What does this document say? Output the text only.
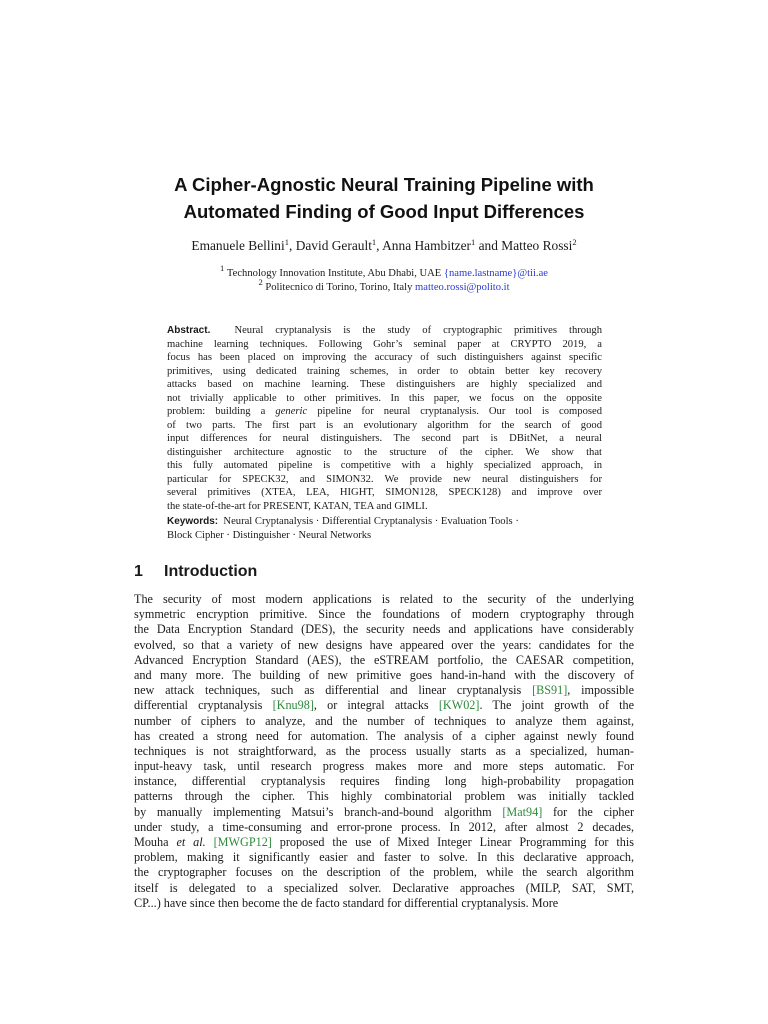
A Cipher-Agnostic Neural Training Pipeline with
Automated Finding of Good Input Differences
Emanuele Bellini$^1$, David Gerault$^1$, Anna Hambitzer$^1$ and Matteo Rossi$^2$
$^1$ Technology Innovation Institute, Abu Dhabi, UAE {name.lastname}@tii.ae
$^2$ Politecnico di Torino, Torino, Italy matteo.rossi@polito.it
Abstract. Neural cryptanalysis is the study of cryptographic primitives through
machine learning techniques. Following Gohr’s seminal paper at CRYPTO 2019, a
focus has been placed on improving the accuracy of such distinguishers against specific
primitives, using dedicated training schemes, in order to obtain better key recovery
attacks based on machine learning. These distinguishers are highly specialized and
not trivially applicable to other primitives. In this paper, we focus on the opposite
problem: building a generic pipeline for neural cryptanalysis. Our tool is composed
of two parts. The first part is an evolutionary algorithm for the search of good
input differences for neural distinguishers. The second part is DBitNet, a neural
distinguisher architecture agnostic to the structure of the cipher. We show that
this fully automated pipeline is competitive with a highly specialized approach, in
particular for SPECK32, and SIMON32. We provide new neural distinguishers for
several primitives (XTEA, LEA, HIGHT, SIMON128, SPECK128) and improve over
the state-of-the-art for PRESENT, KATAN, TEA and GIMLI.
Keywords: Neural Cryptanalysis · Differential Cryptanalysis · Evaluation Tools ·
Block Cipher · Distinguisher · Neural Networks
1 Introduction
The security of most modern applications is related to the security of the underlying
symmetric encryption primitive. Since the foundations of modern cryptography through
the Data Encryption Standard (DES), the security needs and applications have considerably
evolved, so that a variety of new designs have appeared over the years: candidates for the
Advanced Encryption Standard (AES), the eSTREAM portfolio, the CAESAR competition,
and many more. The building of new primitive goes hand-in-hand with the discovery of
new attack techniques, such as differential and linear cryptanalysis [BS91], impossible
differential cryptanalysis [Knu98], or integral attacks [KW02]. The joint growth of the
number of ciphers to analyze, and the number of techniques to analyze them against,
has created a strong need for automation. The analysis of a cipher against newly found
techniques is not straightforward, as the process usually starts as a specialized, human-
input-heavy task, until research progress makes more and more steps automatic. For
instance, differential cryptanalysis requires finding long high-probability propagation
patterns through the cipher. This highly combinatorial problem was initially tackled
by manually implementing Matsui’s branch-and-bound algorithm [Mat94] for the cipher
under study, a time-consuming and error-prone process. In 2012, after almost 2 decades,
Mouha et al. [MWGP12] proposed the use of Mixed Integer Linear Programming for this
problem, making it significantly easier and faster to solve. In this declarative approach,
the cryptographer focuses on the description of the problem, while the search algorithm
itself is delegated to a specialized solver. Declarative approaches (MILP, SAT, SMT,
CP...) have since then become the de facto standard for differential cryptanalysis. More
